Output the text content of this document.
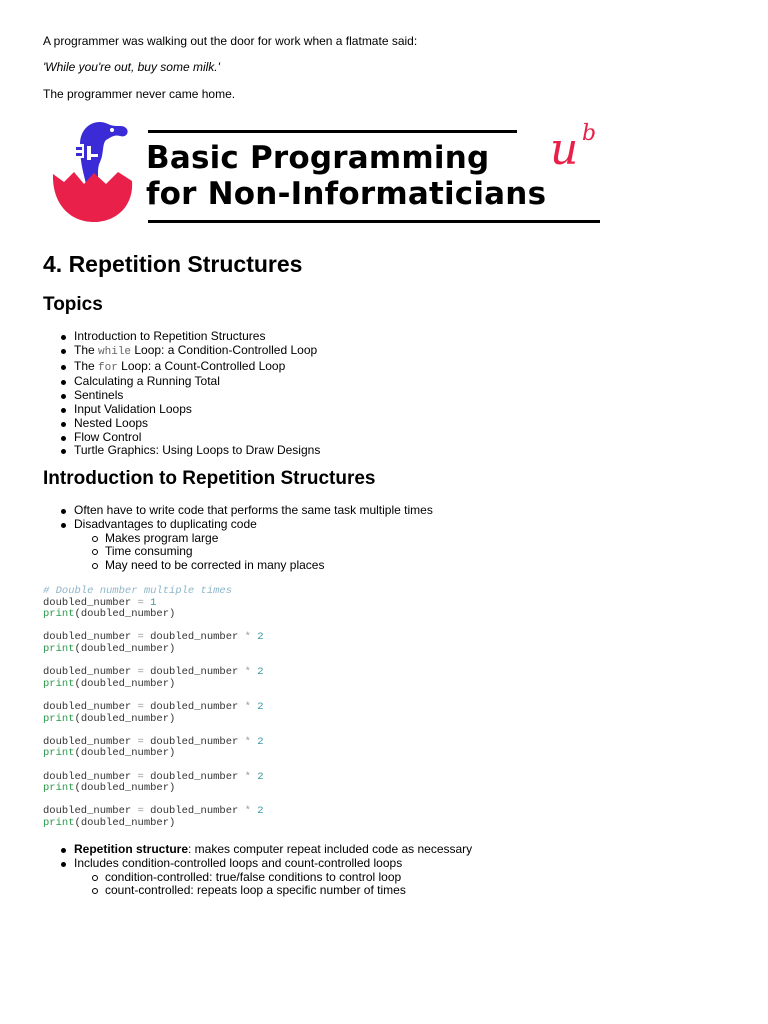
A programmer was walking out the door for work when a flatmate said:

'While you're out, buy some milk.'

The programmer never came home.

Basic Programming
for Non-Informaticians
u b
4. Repetition Structures
Topics
Introduction to Repetition Structures
The while Loop: a Condition-Controlled Loop
The for Loop: a Count-Controlled Loop
Calculating a Running Total
Sentinels
Input Validation Loops
Nested Loops
Flow Control
Turtle Graphics: Using Loops to Draw Designs
Introduction to Repetition Structures
Often have to write code that performs the same task multiple times
Disadvantages to duplicating code
Makes program large
Time consuming
May need to be corrected in many places
# Double number multiple times
doubled_number = 1
print(doubled_number)

doubled_number = doubled_number * 2
print(doubled_number)

doubled_number = doubled_number * 2
print(doubled_number)

doubled_number = doubled_number * 2
print(doubled_number)

doubled_number = doubled_number * 2
print(doubled_number)

doubled_number = doubled_number * 2
print(doubled_number)

doubled_number = doubled_number * 2
print(doubled_number)
Repetition structure: makes computer repeat included code as necessary
Includes condition-controlled loops and count-controlled loops
condition-controlled: true/false conditions to control loop
count-controlled: repeats loop a specific number of times
